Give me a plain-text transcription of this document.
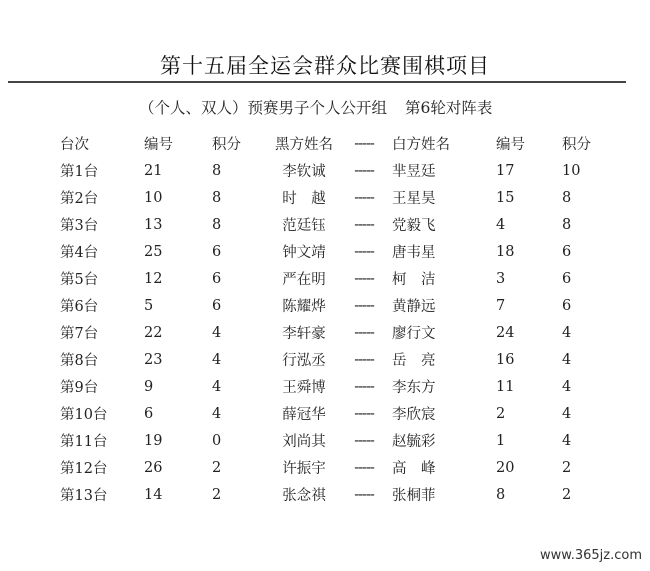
第十五届全运会群众比赛围棋项目
（个人、双人）预赛男子个人公开组 第6轮对阵表
台次	编号	积分	黑方姓名	-----	白方姓名	编号	积分
第1台	21	8	李钦诚	-----	芈昱廷	17	10
第2台	10	8	时　越	-----	王星昊	15	8
第3台	13	8	范廷钰	-----	党毅飞	4	8
第4台	25	6	钟文靖	-----	唐韦星	18	6
第5台	12	6	严在明	-----	柯　洁	3	6
第6台	5	6	陈耀烨	-----	黄静远	7	6
第7台	22	4	李轩豪	-----	廖行文	24	4
第8台	23	4	行泓丞	-----	岳　亮	16	4
第9台	9	4	王舜博	-----	李东方	11	4
第10台	6	4	薛冠华	-----	李欣宸	2	4
第11台	19	0	刘尚其	-----	赵毓彩	1	4
第12台	26	2	许振宇	-----	高　峰	20	2
第13台	14	2	张念祺	-----	张桐菲	8	2
www.365jz.com
